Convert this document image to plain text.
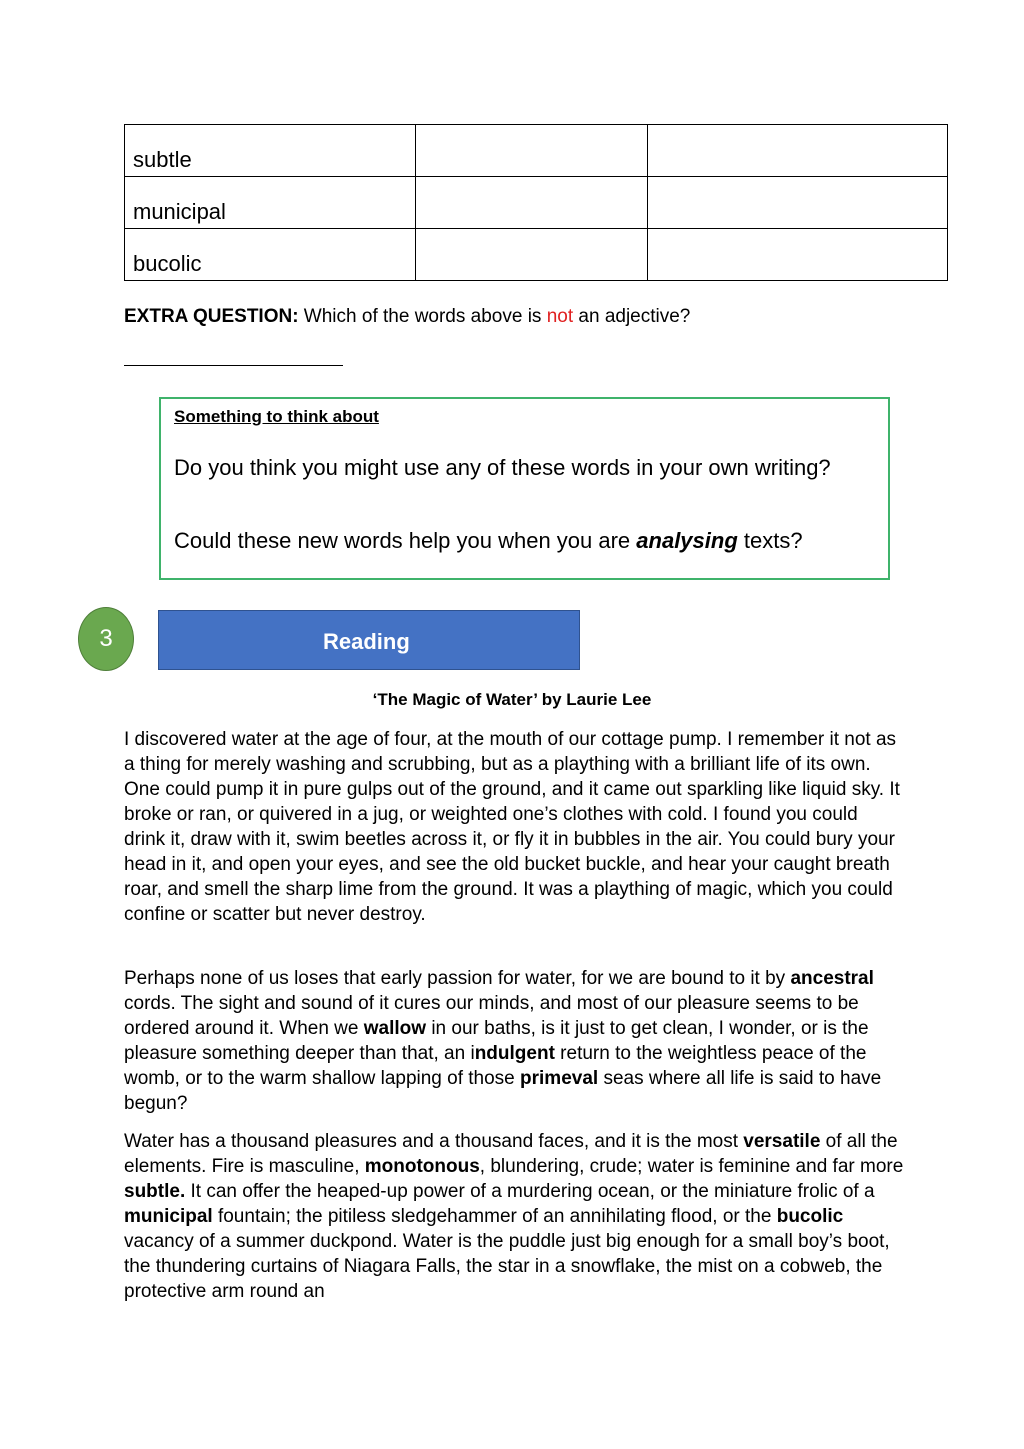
subtle		

municipal		

bucolic		

EXTRA QUESTION: Which of the words above is not an adjective?
Something to think about
Do you think you might use any of these words in your own writing?
Could these new words help you when you are analysing texts?
3	Reading
‘The Magic of Water’ by Laurie Lee
I discovered water at the age of four, at the mouth of our cottage pump. I remember it not as a thing for merely washing and scrubbing, but as a plaything with a brilliant life of its own. One could pump it in pure gulps out of the ground, and it came out sparkling like liquid sky. It broke or ran, or quivered in a jug, or weighted one’s clothes with cold. I found you could drink it, draw with it, swim beetles across it, or fly it in bubbles in the air. You could bury your head in it, and open your eyes, and see the old bucket buckle, and hear your caught breath roar, and smell the sharp lime from the ground. It was a plaything of magic, which you could confine or scatter but never destroy.
Perhaps none of us loses that early passion for water, for we are bound to it by ancestral cords. The sight and sound of it cures our minds, and most of our pleasure seems to be ordered around it. When we wallow in our baths, is it just to get clean, I wonder, or is the pleasure something deeper than that, an indulgent return to the weightless peace of the womb, or to the warm shallow lapping of those primeval seas where all life is said to have begun?
Water has a thousand pleasures and a thousand faces, and it is the most versatile of all the elements. Fire is masculine, monotonous, blundering, crude; water is feminine and far more subtle. It can offer the heaped-up power of a murdering ocean, or the miniature frolic of a municipal fountain; the pitiless sledgehammer of an annihilating flood, or the bucolic vacancy of a summer duckpond. Water is the puddle just big enough for a small boy’s boot, the thundering curtains of Niagara Falls, the star in a snowflake, the mist on a cobweb, the protective arm round an
